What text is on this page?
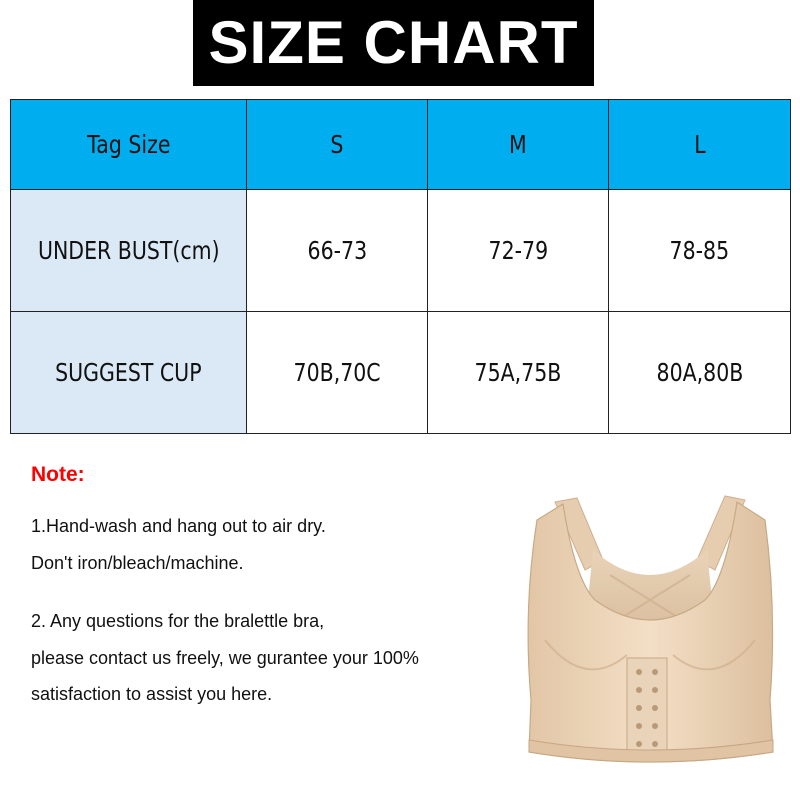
SIZE CHART
Tag Size	S	M	L
UNDER BUST(cm)	66-73	72-79	78-85
SUGGEST CUP	70B,70C	75A,75B	80A,80B
Note:
1.Hand-wash and hang out to air dry.
Don't iron/bleach/machine.
2. Any questions for the bralettle bra,
please contact us freely, we gurantee your 100%
satisfaction to assist you here.
